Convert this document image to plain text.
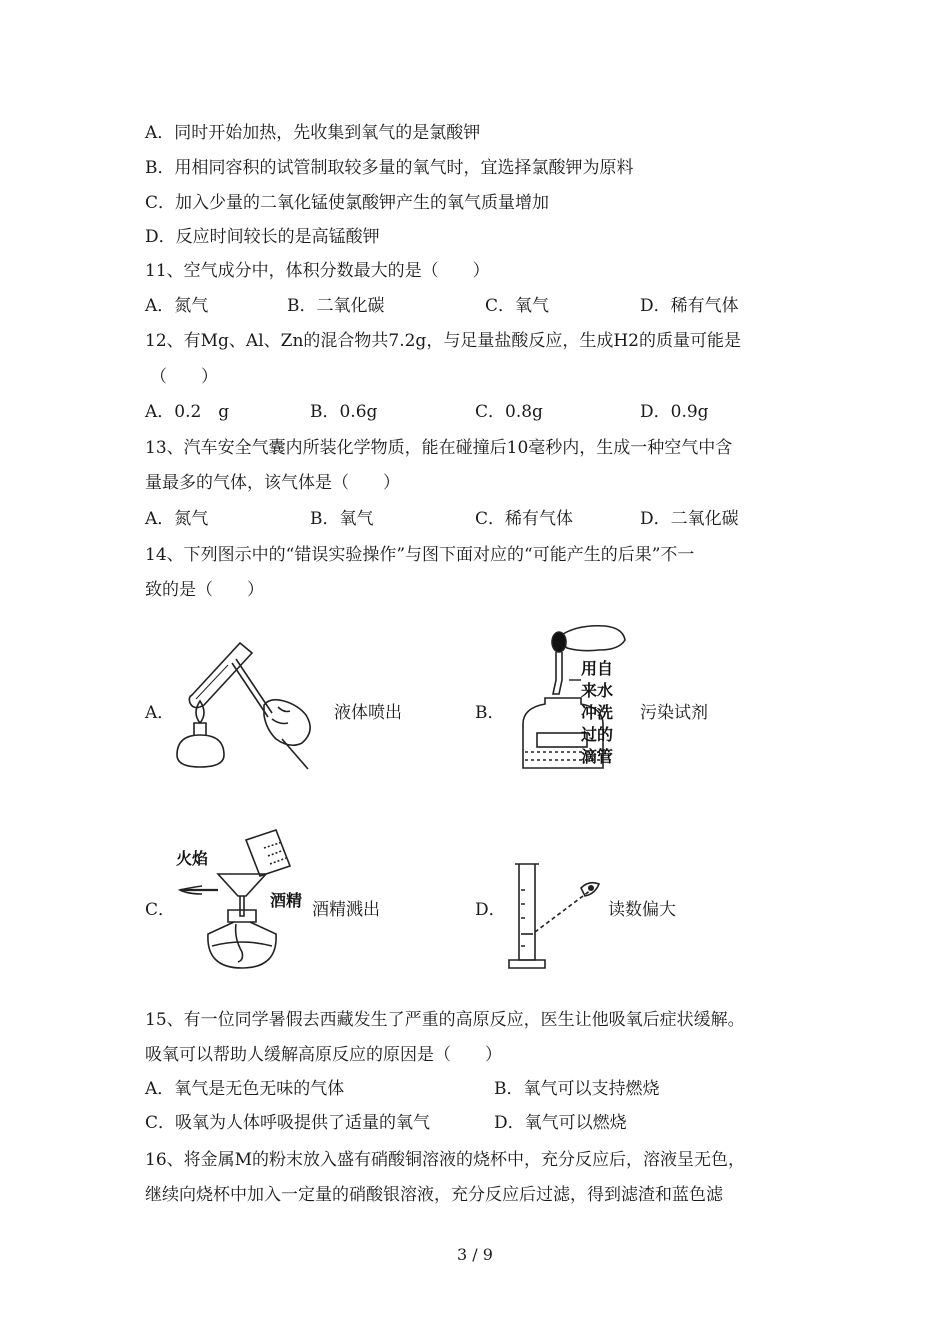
A．同时开始加热，先收集到氧气的是氯酸钾
B．用相同容积的试管制取较多量的氧气时，宜选择氯酸钾为原料
C．加入少量的二氧化锰使氯酸钾产生的氧气质量增加
D．反应时间较长的是高锰酸钾
11、空气成分中，体积分数最大的是（　　）
A．氮气	B．二氧化碳	C．氧气	D．稀有气体
12、有Mg、Al、Zn的混合物共7.2g，与足量盐酸反应，生成H2的质量可能是
（　　）
A．0.2　g	B．0.6g	C．0.8g	D．0.9g
13、汽车安全气囊内所装化学物质，能在碰撞后10毫秒内，生成一种空气中含
量最多的气体，该气体是（　　）
A．氮气	B．氧气	C．稀有气体	D．二氧化碳
14、下列图示中的“错误实验操作”与图下面对应的“可能产生的后果”不一
致的是（　　）
A．	液体喷出	B．
用自
来水
冲洗
过的
滴管
污染试剂
C．
火焰
酒精 酒精溅出	D．	读数偏大
15、有一位同学暑假去西藏发生了严重的高原反应，医生让他吸氧后症状缓解。
吸氧可以帮助人缓解高原反应的原因是（　　）
A．氧气是无色无味的气体	B．氧气可以支持燃烧
C．吸氧为人体呼吸提供了适量的氧气	D．氧气可以燃烧
16、将金属M的粉末放入盛有硝酸铜溶液的烧杯中，充分反应后，溶液呈无色，
继续向烧杯中加入一定量的硝酸银溶液，充分反应后过滤，得到滤渣和蓝色滤
3 / 9
